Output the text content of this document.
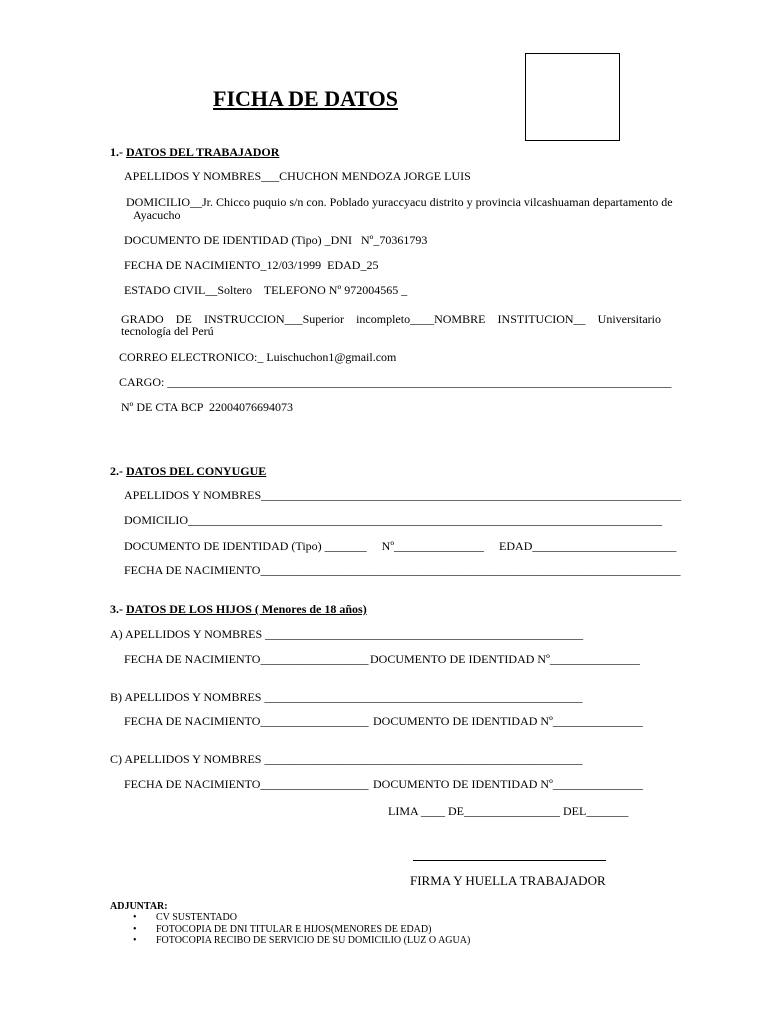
FICHA DE DATOS
1.- DATOS DEL TRABAJADOR
APELLIDOS Y NOMBRES___CHUCHON MENDOZA JORGE LUIS
DOMICILIO__Jr. Chicco puquio s/n con. Poblado yuraccyacu distrito y provincia vilcashuaman departamento de
Ayacucho
DOCUMENTO DE IDENTIDAD (Tipo) _DNI   Nº_70361793
FECHA DE NACIMIENTO_12/03/1999  EDAD_25
ESTADO CIVIL__Soltero    TELEFONO Nº 972004565 _
GRADO DE INSTRUCCION___Superior incompleto____NOMBRE INSTITUCION__ Universitario tecnología del Perú
CORREO ELECTRONICO:_ Luischuchon1@gmail.com
CARGO: ____________________________________________________________________________________
Nº DE CTA BCP  22004076694073
2.- DATOS DEL CONYUGUE
APELLIDOS Y NOMBRES______________________________________________________________________
DOMICILIO_______________________________________________________________________________
DOCUMENTO DE IDENTIDAD (Tipo) _______     Nº_______________     EDAD________________________
FECHA DE NACIMIENTO______________________________________________________________________
3.- DATOS DE LOS HIJOS ( Menores de 18 años)
A) APELLIDOS Y NOMBRES _____________________________________________________
FECHA DE NACIMIENTO__________________ DOCUMENTO DE IDENTIDAD Nº_______________
B) APELLIDOS Y NOMBRES _____________________________________________________
FECHA DE NACIMIENTO__________________ DOCUMENTO DE IDENTIDAD Nº_______________
C) APELLIDOS Y NOMBRES _____________________________________________________
FECHA DE NACIMIENTO__________________ DOCUMENTO DE IDENTIDAD Nº_______________
LIMA ____ DE________________ DEL_______
FIRMA Y HUELLA TRABAJADOR
ADJUNTAR:
• CV SUSTENTADO
• FOTOCOPIA DE DNI TITULAR E HIJOS(MENORES DE EDAD)
• FOTOCOPIA RECIBO DE SERVICIO DE SU DOMICILIO (LUZ O AGUA)
